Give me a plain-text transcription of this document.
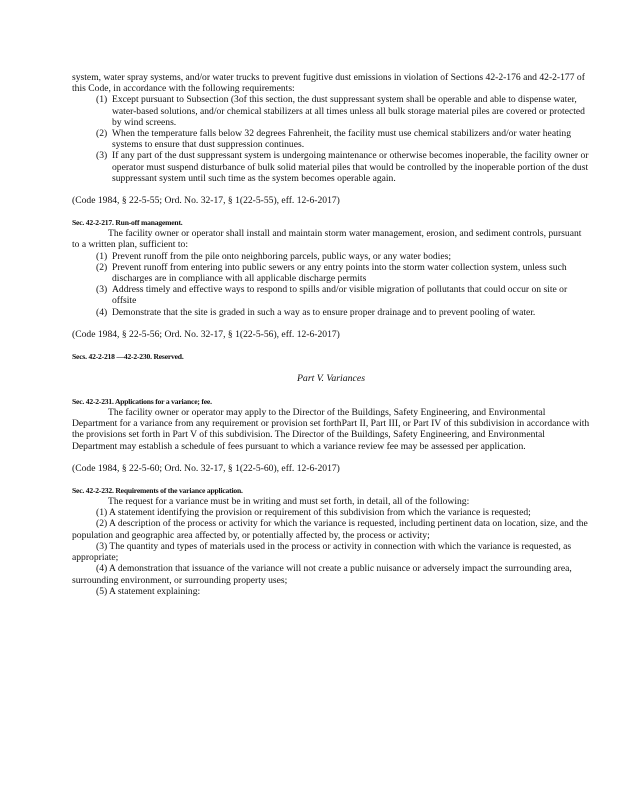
system, water spray systems, and/or water trucks to prevent fugitive dust emissions in violation of Sections 42-2-176 and 42-2-177 of this Code, in accordance with the following requirements:

(1) Except pursuant to Subsection (3of this section, the dust suppressant system shall be operable and able to dispense water, water-based solutions, and/or chemical stabilizers at all times unless all bulk storage material piles are covered or protected by wind screens.
(2) When the temperature falls below 32 degrees Fahrenheit, the facility must use chemical stabilizers and/or water heating systems to ensure that dust suppression continues.
(3) If any part of the dust suppressant system is undergoing maintenance or otherwise becomes inoperable, the facility owner or operator must suspend disturbance of bulk solid material piles that would be controlled by the inoperable portion of the dust suppressant system until such time as the system becomes operable again.

(Code 1984, § 22-5-55; Ord. No. 32-17, § 1(22-5-55), eff. 12-6-2017)

Sec. 42-2-217. Run-off management.

The facility owner or operator shall install and maintain storm water management, erosion, and sediment controls, pursuant to a written plan, sufficient to:

(1) Prevent runoff from the pile onto neighboring parcels, public ways, or any water bodies;
(2) Prevent runoff from entering into public sewers or any entry points into the storm water collection system, unless such discharges are in compliance with all applicable discharge permits
(3) Address timely and effective ways to respond to spills and/or visible migration of pollutants that could occur on site or offsite
(4) Demonstrate that the site is graded in such a way as to ensure proper drainage and to prevent pooling of water.

(Code 1984, § 22-5-56; Ord. No. 32-17, § 1(22-5-56), eff. 12-6-2017)

Secs. 42-2-218 —42-2-230. Reserved.

Part V. Variances

Sec. 42-2-231. Applications for a variance; fee.

The facility owner or operator may apply to the Director of the Buildings, Safety Engineering, and Environmental Department for a variance from any requirement or provision set forthPart II, Part III, or Part IV of this subdivision in accordance with the provisions set forth in Part V of this subdivision. The Director of the Buildings, Safety Engineering, and Environmental Department may establish a schedule of fees pursuant to which a variance review fee may be assessed per application.

(Code 1984, § 22-5-60; Ord. No. 32-17, § 1(22-5-60), eff. 12-6-2017)

Sec. 42-2-232. Requirements of the variance application.

The request for a variance must be in writing and must set forth, in detail, all of the following:

(1) A statement identifying the provision or requirement of this subdivision from which the variance is requested;

(2) A description of the process or activity for which the variance is requested, including pertinent data on location, size, and the population and geographic area affected by, or potentially affected by, the process or activity;

(3) The quantity and types of materials used in the process or activity in connection with which the variance is requested, as appropriate;

(4) A demonstration that issuance of the variance will not create a public nuisance or adversely impact the surrounding area, surrounding environment, or surrounding property uses;

(5) A statement explaining:
